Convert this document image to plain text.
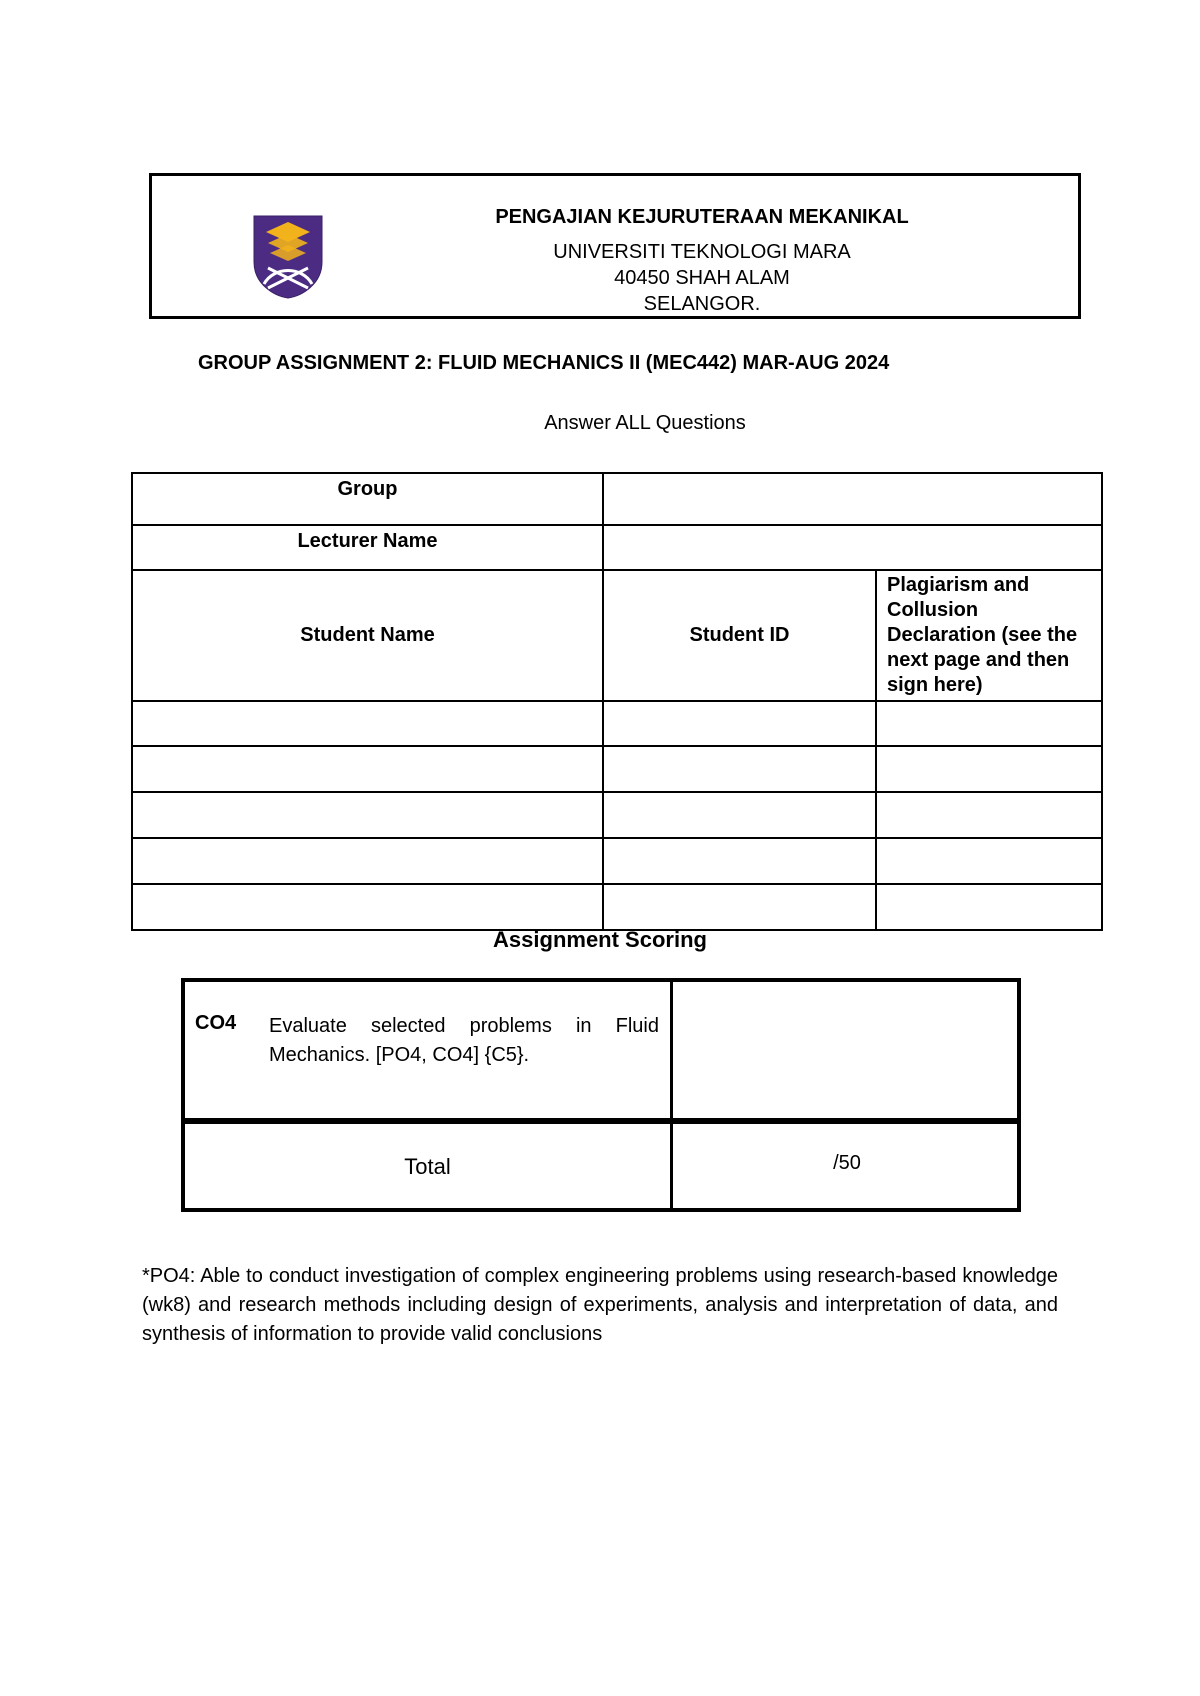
PENGAJIAN KEJURUTERAAN MEKANIKAL
UNIVERSITI TEKNOLOGI MARA
40450 SHAH ALAM
SELANGOR.
GROUP ASSIGNMENT 2: FLUID MECHANICS II (MEC442) MAR-AUG 2024
Answer ALL Questions
Group		
Lecturer Name		
Student Name	Student ID	Plagiarism and Collusion Declaration (see the next page and then sign here)

Assignment Scoring
CO4 Evaluate selected problems in Fluid Mechanics. [PO4, CO4] {C5}.
Total	/50
*PO4: Able to conduct investigation of complex engineering problems using research-based knowledge (wk8) and research methods including design of experiments, analysis and interpretation of data, and synthesis of information to provide valid conclusions
